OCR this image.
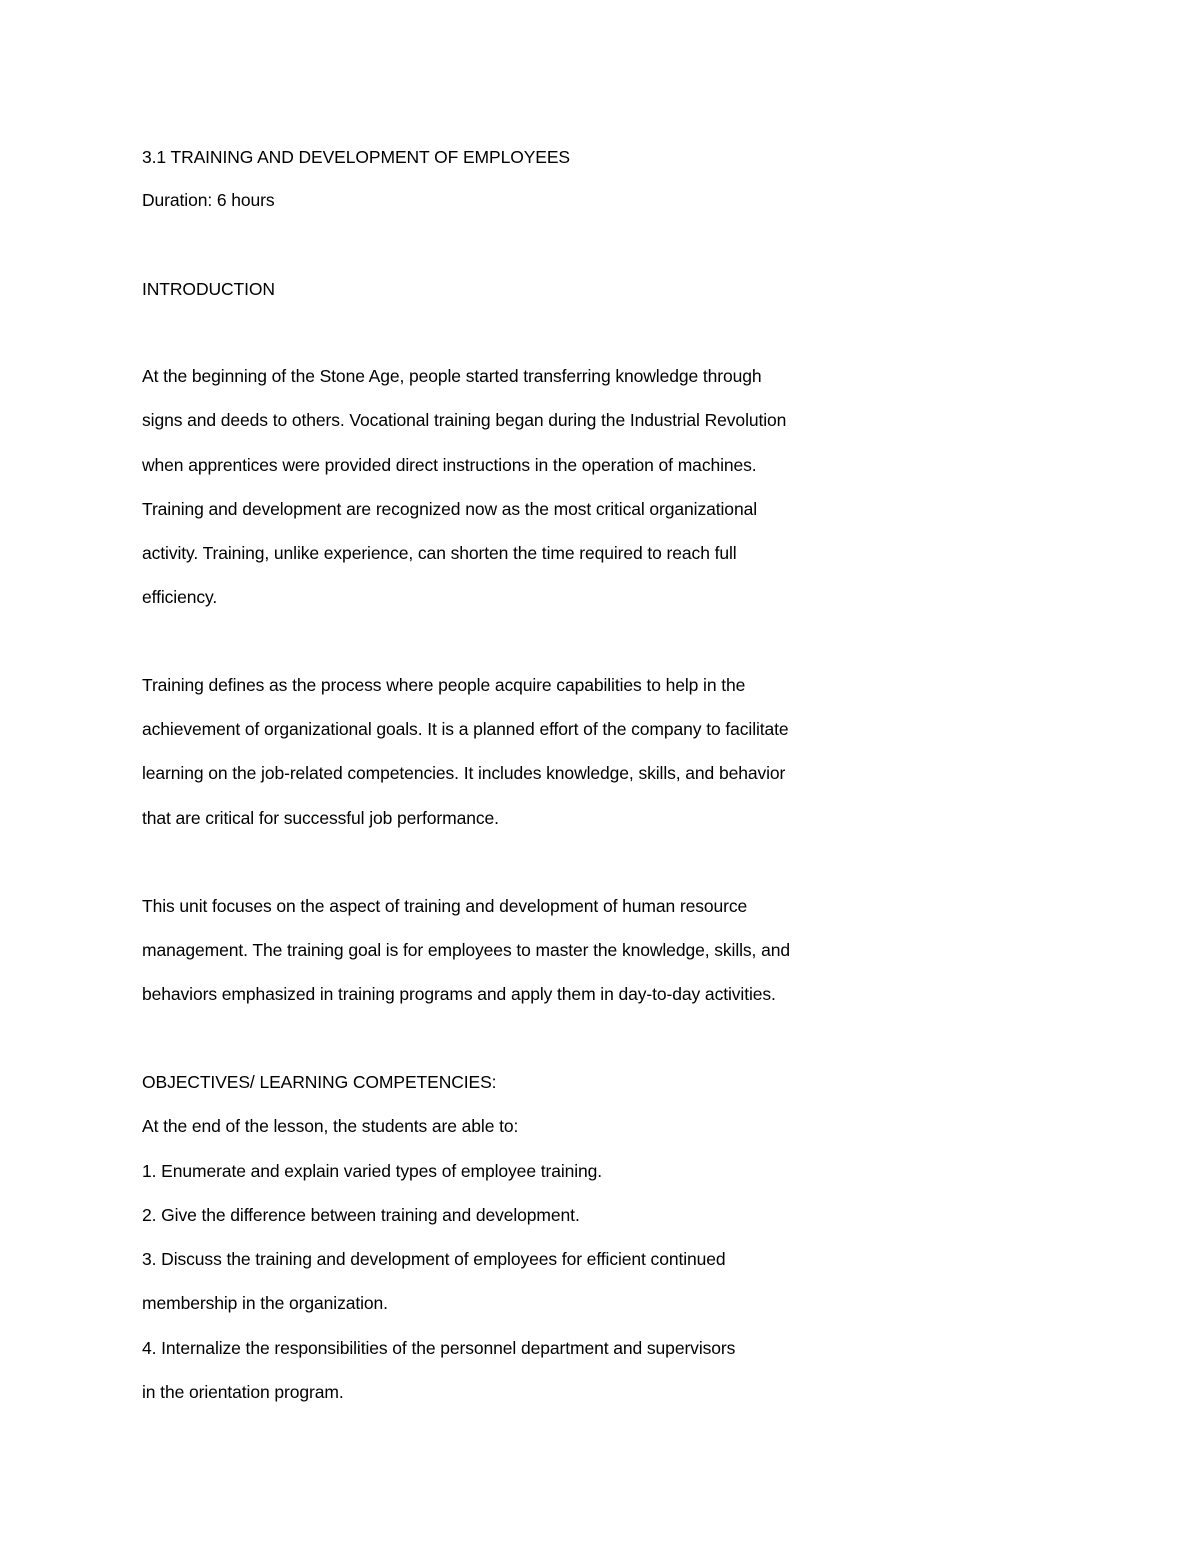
3.1 TRAINING AND DEVELOPMENT OF EMPLOYEES
Duration: 6 hours
INTRODUCTION
At the beginning of the Stone Age, people started transferring knowledge through
signs and deeds to others. Vocational training began during the Industrial Revolution
when apprentices were provided direct instructions in the operation of machines.
Training and development are recognized now as the most critical organizational
activity. Training, unlike experience, can shorten the time required to reach full
efficiency.
Training defines as the process where people acquire capabilities to help in the
achievement of organizational goals. It is a planned effort of the company to facilitate
learning on the job-related competencies. It includes knowledge, skills, and behavior
that are critical for successful job performance.
This unit focuses on the aspect of training and development of human resource
management. The training goal is for employees to master the knowledge, skills, and
behaviors emphasized in training programs and apply them in day-to-day activities.
OBJECTIVES/ LEARNING COMPETENCIES:
At the end of the lesson, the students are able to:
1. Enumerate and explain varied types of employee training.
2. Give the difference between training and development.
3. Discuss the training and development of employees for efficient continued
membership in the organization.
4. Internalize the responsibilities of the personnel department and supervisors
in the orientation program.
